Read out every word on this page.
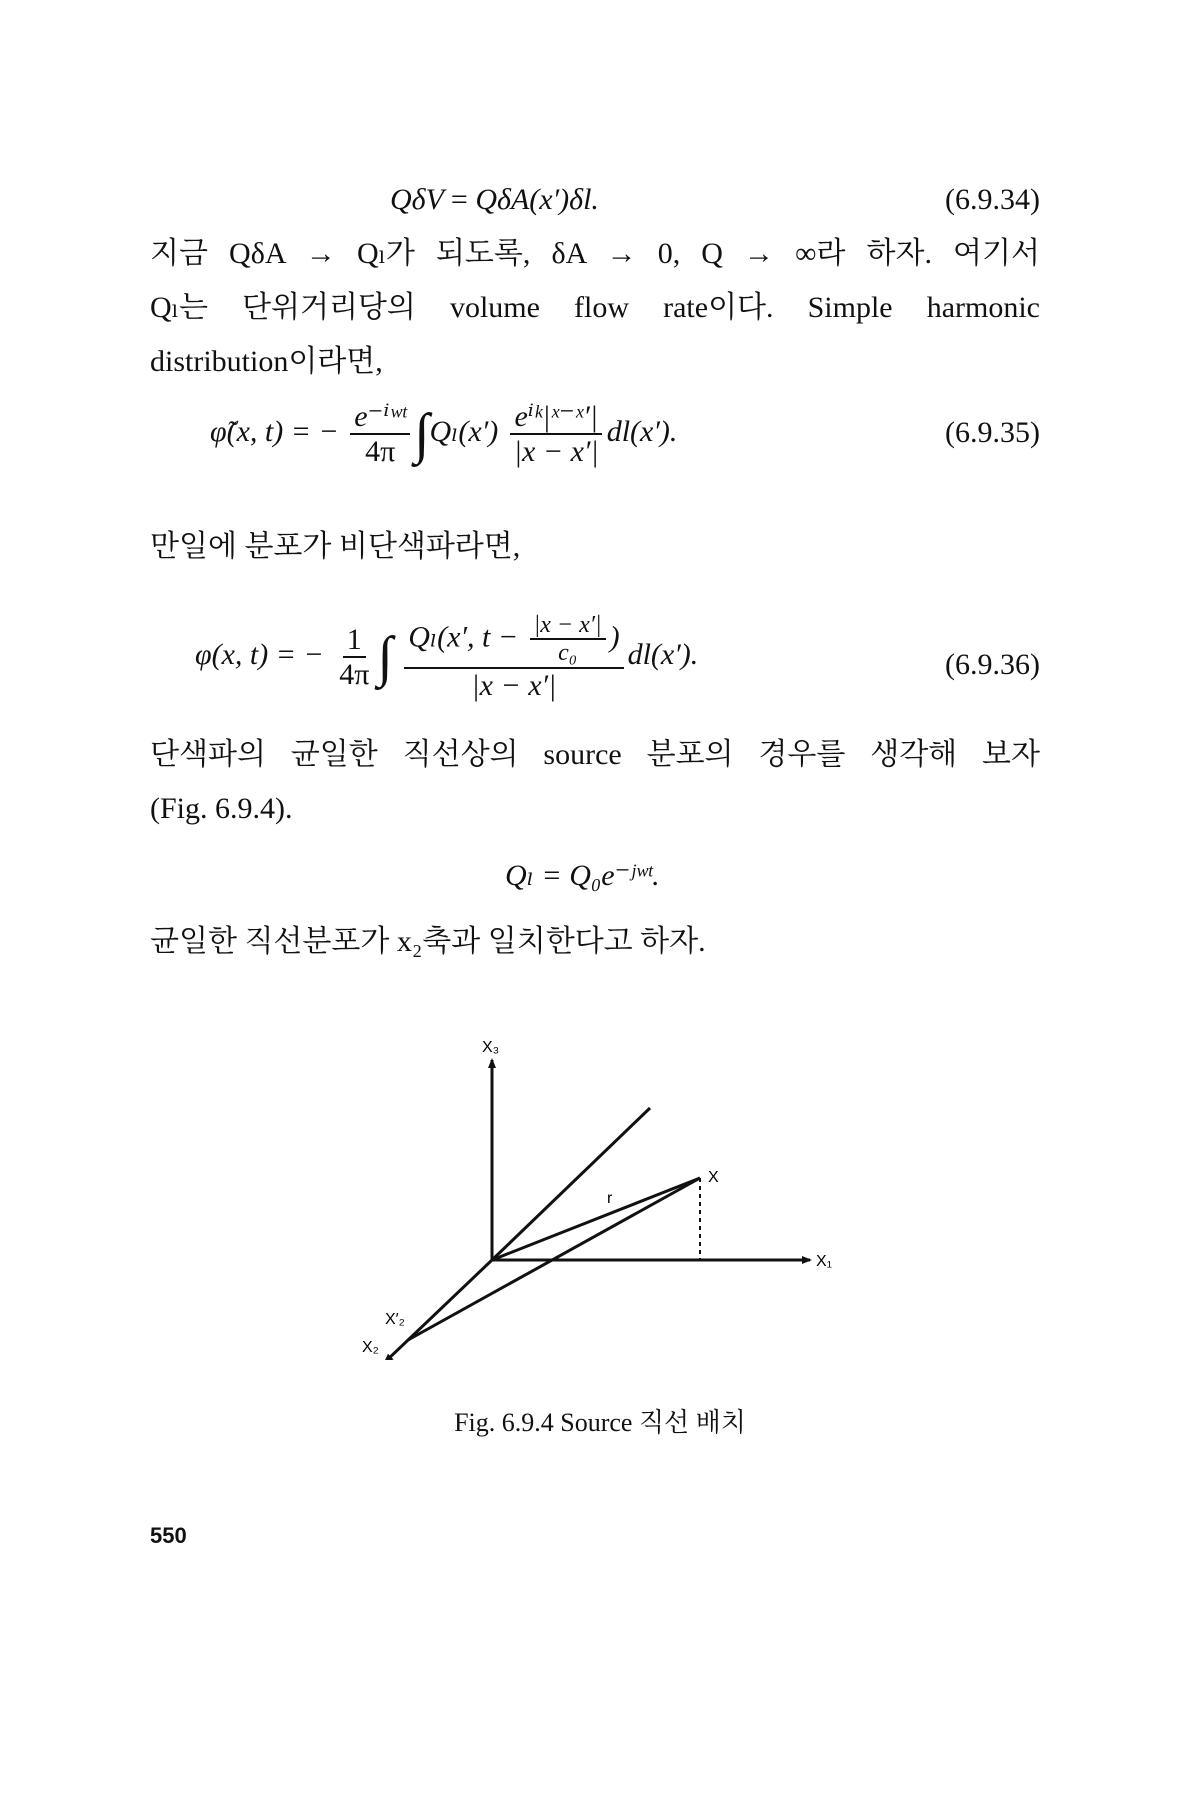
QδV = QδA(x′)δl.	(6.9.34)
지금 QδA → Qₗ가 되도록, δA → 0, Q → ∞라 하자. 여기서
Qₗ는 단위거리당의 volume flow rate이다. Simple harmonic
distribution이라면,
φ̃(x, t) = − $\frac{\text{e⁻ⁱʷᵗ}}{4\pi} \int Q_l(x') \frac{\text{eⁱᵏ|ˣ⁻ˣ′|}}{|x - x'|} dl(x')$.	(6.9.35)
만일에 분포가 비단색파라면,
φ(x, t) = − $\frac{1}{4\pi}$ ∫ Qₗ(x′, $t - \frac{|x - x'|}{\text{c₀}}$ )
|x − x′|
dl(x′).	(6.9.36)
단색파의 균일한 직선상의 source 분포의 경우를 생각해 보자
(Fig. 6.9.4).
Qₗ = Q₀e⁻ʲʷᵗ.
균일한 직선분포가 x₂축과 일치한다고 하자.
X₃
X
r
X₁
X′₂
X₂
Fig. 6.9.4 Source 직선 배치
550
